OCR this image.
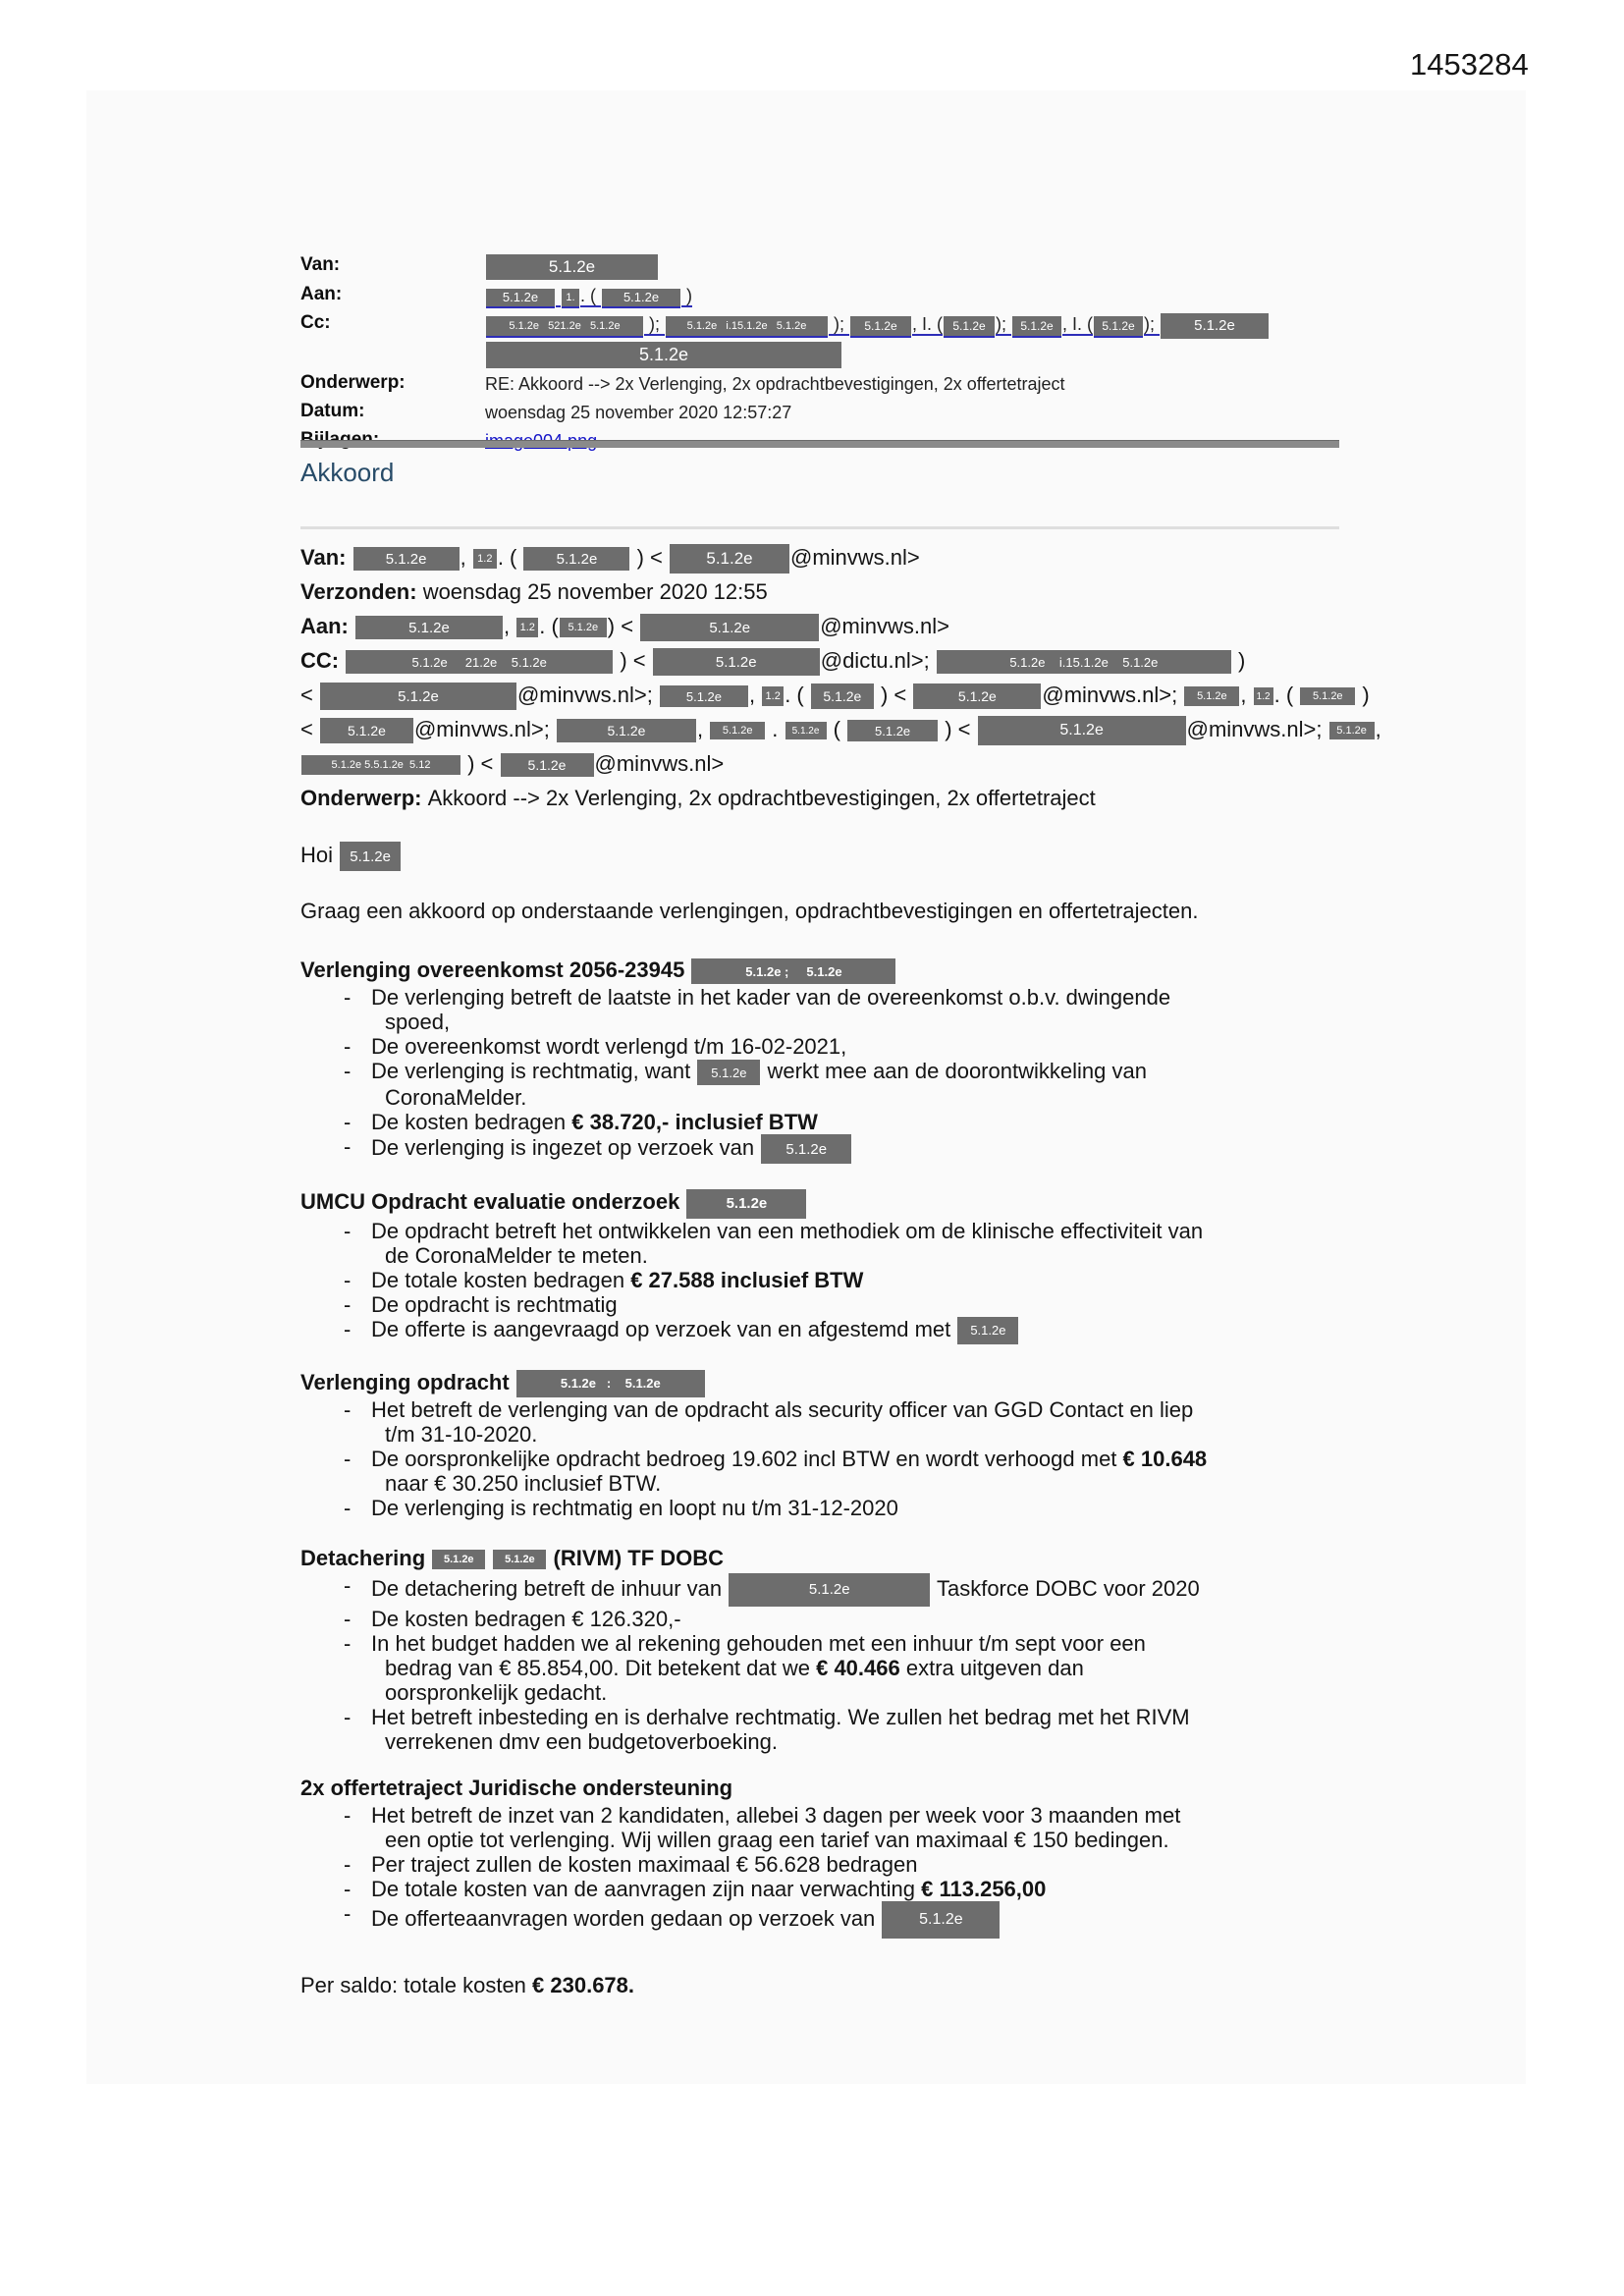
1453284
Van:	5.1.2e
Aan:	5.1.2e	1. . ( 5.1.2e )
Cc:	5.1.2e   521.2e   5.1.2e ); 5.1.2e   i.15.1.2e   5.1.2e ); 5.1.2e , I. ( 5.1.2e ); 5.1.2e , I. ( 5.1.2e ); 5.1.2e
5.1.2e
Onderwerp:	RE: Akkoord --> 2x Verlenging, 2x opdrachtbevestigingen, 2x offertetraject
Datum:	woensdag 25 november 2020 12:57:27
Akkoord
Van: 5.1.2e , 1.2 . ( 5.1.2e ) < 5.1.2e @minvws.nl>
Verzonden: woensdag 25 november 2020 12:55
Aan:	5.1.2e	, 1.2 . ( 5.1.2e ) <	5.1.2e	@minvws.nl>
CC:	5.1.2e     21.2e    5.1.2e	) <	5.1.2e	@dictu.nl>;	5.1.2e    i.15.1.2e    5.1.2e	)
<	5.1.2e	@minvws.nl>; 5.1.2e , 1.2 . ( 5.1.2e ) <	5.1.2e @minvws.nl>; 5.1.2e , 1.2 . ( 5.1.2e )
< 5.1.2e @minvws.nl>;	5.1.2e , 5.1.2e . 5.1.2e ( 5.1.2e ) <	5.1.2e	@minvws.nl>; 5.1.2e ,
5.1.2e 5.5.1.2e  5.12 ) < 5.1.2e @minvws.nl>
Onderwerp: Akkoord --> 2x Verlenging, 2x opdrachtbevestigingen, 2x offertetraject
Hoi 5.1.2e
Graag een akkoord op onderstaande verlengingen, opdrachtbevestigingen en offertetrajecten.
Verlenging overeenkomst 2056-23945	5.1.2e ;     5.1.2e
- De verlenging betreft de laatste in het kader van de overeenkomst o.b.v. dwingende
spoed,
- De overeenkomst wordt verlengd t/m 16-02-2021,
- De verlenging is rechtmatig, want 5.1.2e werkt mee aan de doorontwikkeling van
CoronaMelder.
- De kosten bedragen € 38.720,- inclusief BTW
- De verlenging is ingezet op verzoek van 5.1.2e
UMCU Opdracht evaluatie onderzoek	5.1.2e
- De opdracht betreft het ontwikkelen van een methodiek om de klinische effectiviteit van
de CoronaMelder te meten.
- De totale kosten bedragen € 27.588 inclusief BTW
- De opdracht is rechtmatig
- De offerte is aangevraagd op verzoek van en afgestemd met 5.1.2e
Verlenging opdracht	5.1.2e   :    5.1.2e
- Het betreft de verlenging van de opdracht als security officer van GGD Contact en liep
t/m 31-10-2020.
- De oorspronkelijke opdracht bedroeg 19.602 incl BTW en wordt verhoogd met € 10.648
naar € 30.250 inclusief BTW.
- De verlenging is rechtmatig en loopt nu t/m 31-12-2020
Detachering 5.1.2e	5.1.2e (RIVM) TF DOBC
- De detachering betreft de inhuur van	5.1.2e	Taskforce DOBC voor 2020
- De kosten bedragen € 126.320,-
- In het budget hadden we al rekening gehouden met een inhuur t/m sept voor een
bedrag van € 85.854,00. Dit betekent dat we € 40.466 extra uitgeven dan
oorspronkelijk gedacht.
- Het betreft inbesteding en is derhalve rechtmatig. We zullen het bedrag met het RIVM
verrekenen dmv een budgetoverboeking.
2x offertetraject Juridische ondersteuning
- Het betreft de inzet van 2 kandidaten, allebei 3 dagen per week voor 3 maanden met
een optie tot verlenging. Wij willen graag een tarief van maximaal € 150 bedingen.
- Per traject zullen de kosten maximaal € 56.628 bedragen
- De totale kosten van de aanvragen zijn naar verwachting € 113.256,00
- De offerteaanvragen worden gedaan op verzoek van 5.1.2e
Per saldo: totale kosten € 230.678.
